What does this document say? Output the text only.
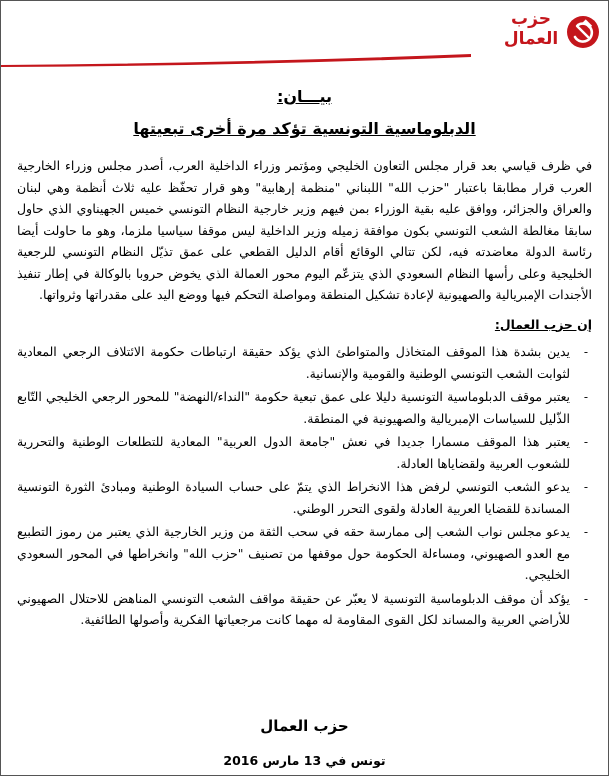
حزب
العمال
بيـــان:
الدبلوماسية التونسية تؤكد مرة أخرى تبعيتها

في ظرف قياسي بعد قرار مجلس التعاون الخليجي ومؤتمر وزراء الداخلية العرب، أصدر مجلس وزراء الخارجية العرب قرار مطابقا باعتبار "حزب الله" اللبناني "منظمة إرهابية" وهو قرار تحفّظ عليه ثلاث أنظمة وهي لبنان والعراق والجزائر، ووافق عليه بقية الوزراء بمن فيهم وزير خارجية النظام التونسي خميس الجهيناوي الذي حاول سابقا مغالطة الشعب التونسي بكون موافقة زميله وزير الداخلية ليس موقفا سياسيا ملزما، وهو ما حاولت أيضا رئاسة الدولة معاضدته فيه، لكن تتالي الوقائع أقام الدليل القطعي على عمق تذيّل النظام التونسي للرجعية الخليجية وعلى رأسها النظام السعودي الذي يتزعّم اليوم محور العمالة الذي يخوض حروبا بالوكالة في إطار تنفيذ الأجندات الإمبريالية والصهيونية لإعادة تشكيل المنطقة ومواصلة التحكم فيها ووضع اليد على مقدراتها وثرواتها.

إن حزب العمال:

- يدين بشدة هذا الموقف المتخاذل والمتواطئ الذي يؤكد حقيقة ارتباطات حكومة الائتلاف الرجعي المعادية لثوابت الشعب التونسي الوطنية والقومية والإنسانية.
- يعتبر موقف الدبلوماسية التونسية دليلا على عمق تبعية حكومة "النداء/النهضة" للمحور الرجعي الخليجي التّابع الذّليل للسياسات الإمبريالية والصهيونية في المنطقة.
- يعتبر هذا الموقف مسمارا جديدا في نعش "جامعة الدول العربية" المعادية للتطلعات الوطنية والتحررية للشعوب العربية ولقضاياها العادلة.
- يدعو الشعب التونسي لرفض هذا الانخراط الذي يتمّ على حساب السيادة الوطنية ومبادئ الثورة التونسية المساندة للقضايا العربية العادلة ولقوى التحرر الوطني.
- يدعو مجلس نواب الشعب إلى ممارسة حقه في سحب الثقة من وزير الخارجية الذي يعتبر من رموز التطبيع مع العدو الصهيوني، ومساءلة الحكومة حول موقفها من تصنيف "حزب الله" وانخراطها في المحور السعودي الخليجي.
- يؤكد أن موقف الدبلوماسية التونسية لا يعبّر عن حقيقة مواقف الشعب التونسي المناهض للاحتلال الصهيوني للأراضي العربية والمساند لكل القوى المقاومة له مهما كانت مرجعياتها الفكرية وأصولها الطائفية.
حزب العمال
تونس في 13 مارس 2016
